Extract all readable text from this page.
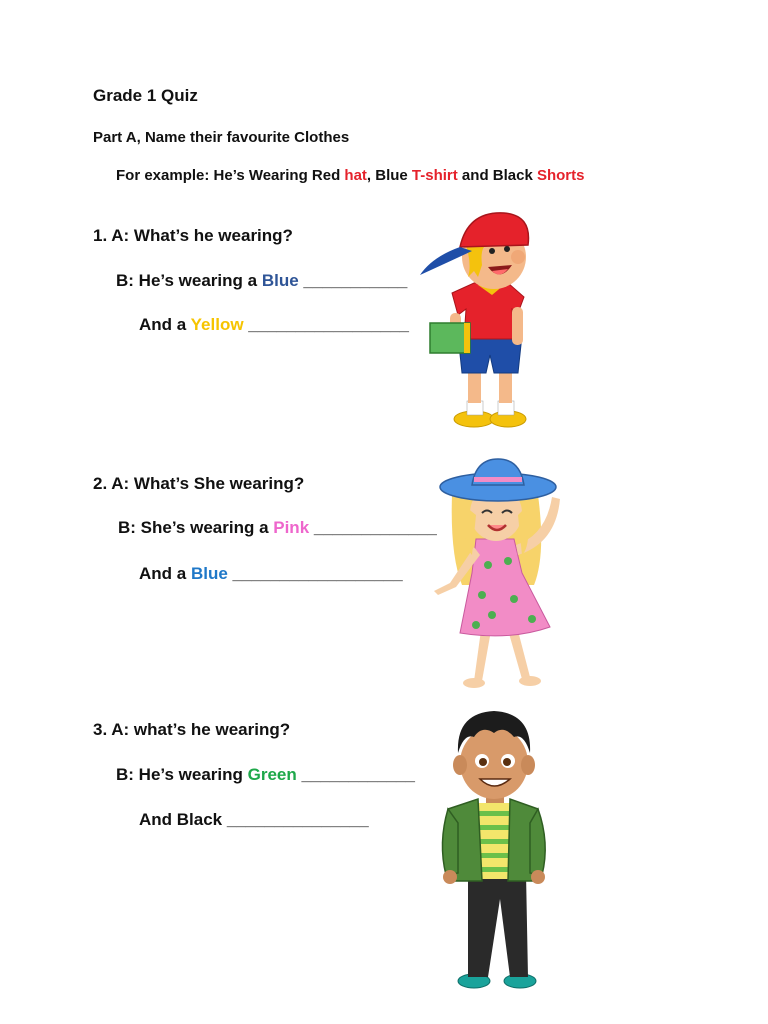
Grade 1 Quiz
Part A, Name their favourite Clothes
For example: He’s Wearing Red hat, Blue T-shirt and Black Shorts
1. A: What’s he wearing?
B: He’s wearing a Blue ___________
And a Yellow _________________
2. A: What’s She wearing?
B: She’s wearing a Pink _____________
And a Blue __________________
3. A: what’s he wearing?
B: He’s wearing Green ____________
And Black _______________
